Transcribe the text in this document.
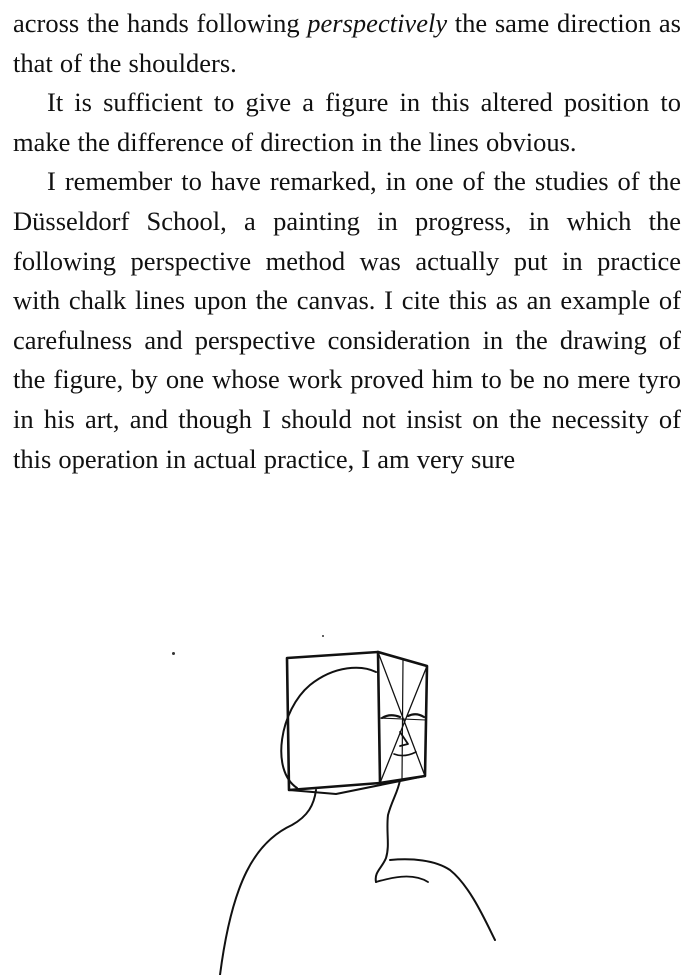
across the hands following perspectively the same direction as that of the shoulders.

It is sufficient to give a figure in this altered position to make the difference of direction in the lines obvious.

I remember to have remarked, in one of the studies of the Düsseldorf School, a painting in progress, in which the following perspective method was actually put in practice with chalk lines upon the canvas. I cite this as an example of carefulness and perspective consideration in the drawing of the figure, by one whose work proved him to be no mere tyro in his art, and though I should not insist on the necessity of this operation in actual practice, I am very sure
